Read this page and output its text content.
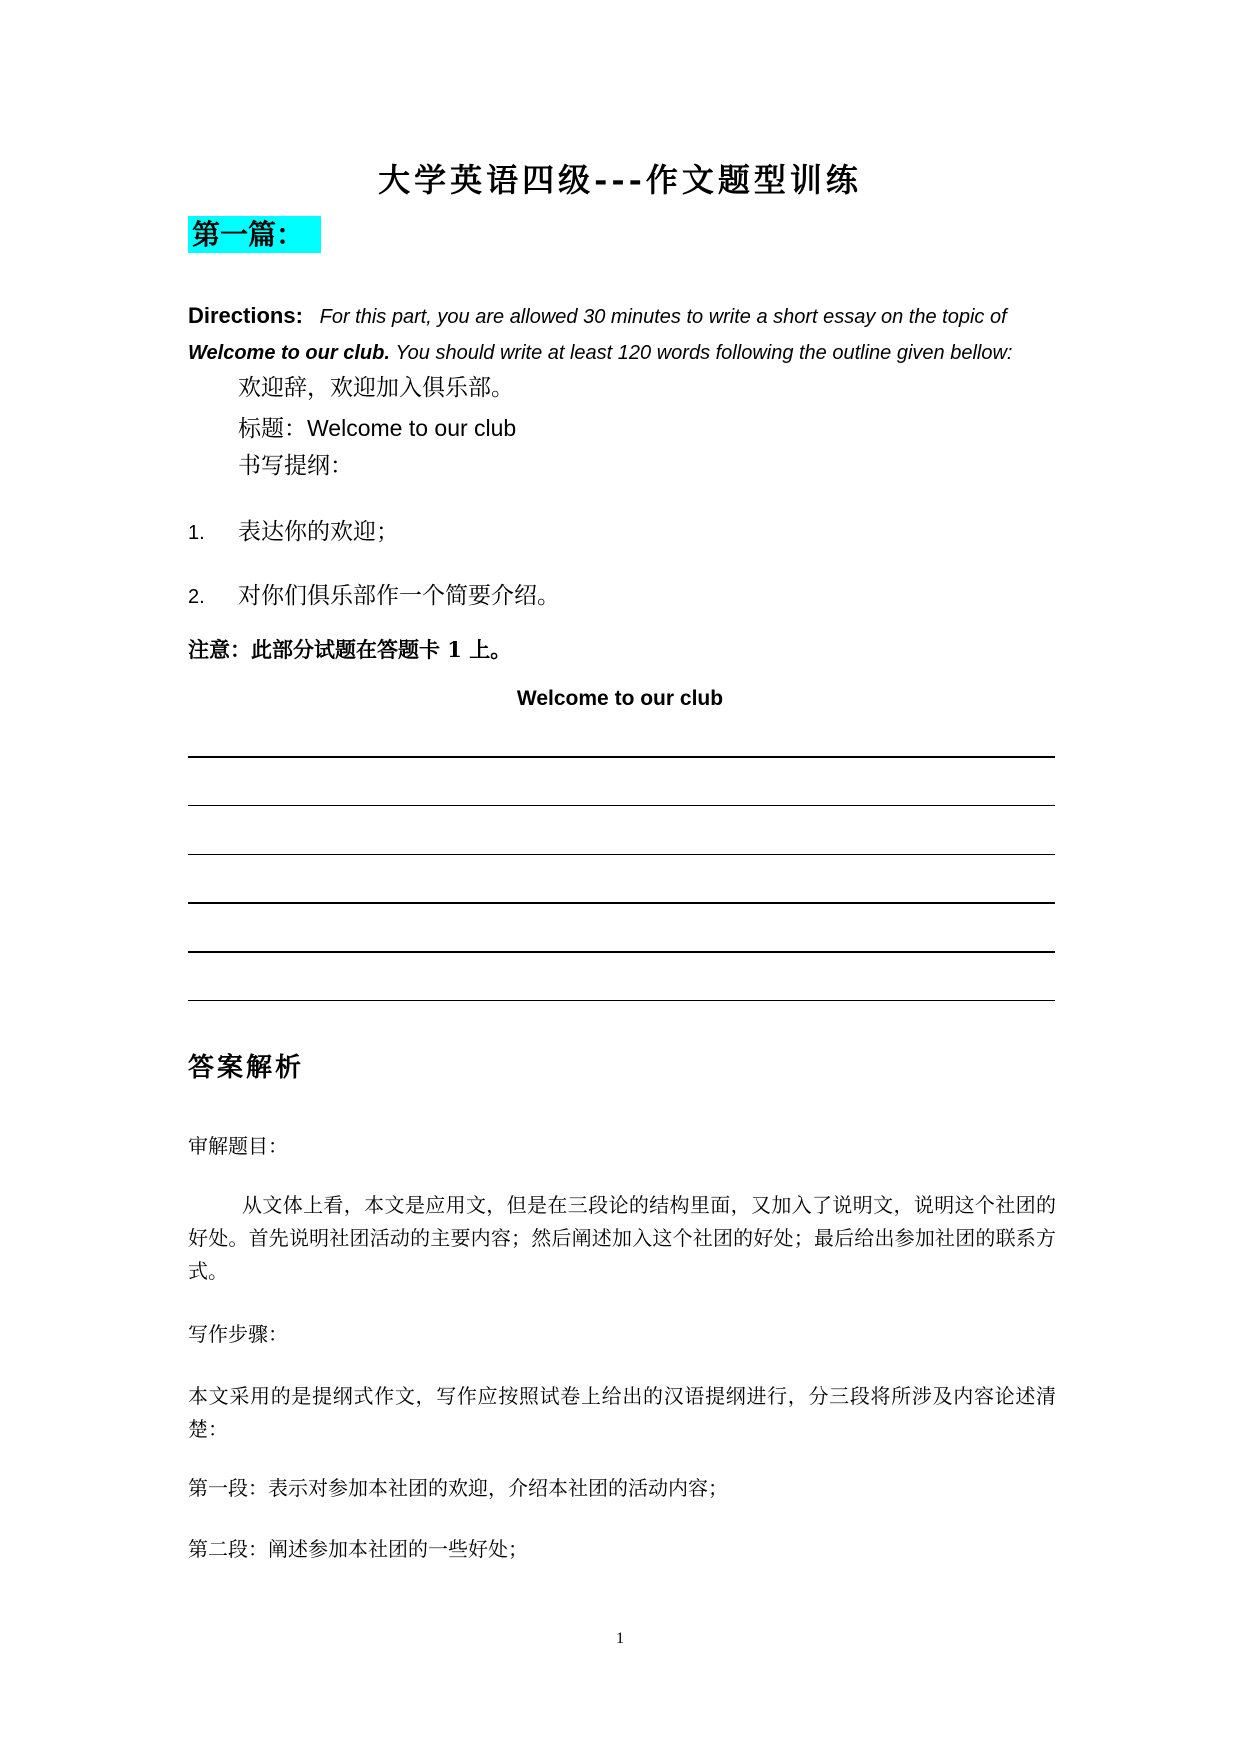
大学英语四级---作文题型训练
第一篇：
Directions: For this part, you are allowed 30 minutes to write a short essay on the topic of Welcome to our club. You should write at least 120 words following the outline given bellow:
欢迎辞，欢迎加入俱乐部。
标题：Welcome to our club
书写提纲：
1. 表达你的欢迎；
2. 对你们俱乐部作一个简要介绍。
注意：此部分试题在答题卡 1 上。
Welcome to our club
答案解析
审解题目：
从文体上看，本文是应用文，但是在三段论的结构里面，又加入了说明文，说明这个社团的好处。首先说明社团活动的主要内容；然后阐述加入这个社团的好处；最后给出参加社团的联系方式。
写作步骤：
本文采用的是提纲式作文，写作应按照试卷上给出的汉语提纲进行，分三段将所涉及内容论述清楚：
第一段：表示对参加本社团的欢迎，介绍本社团的活动内容；
第二段：阐述参加本社团的一些好处；
1
